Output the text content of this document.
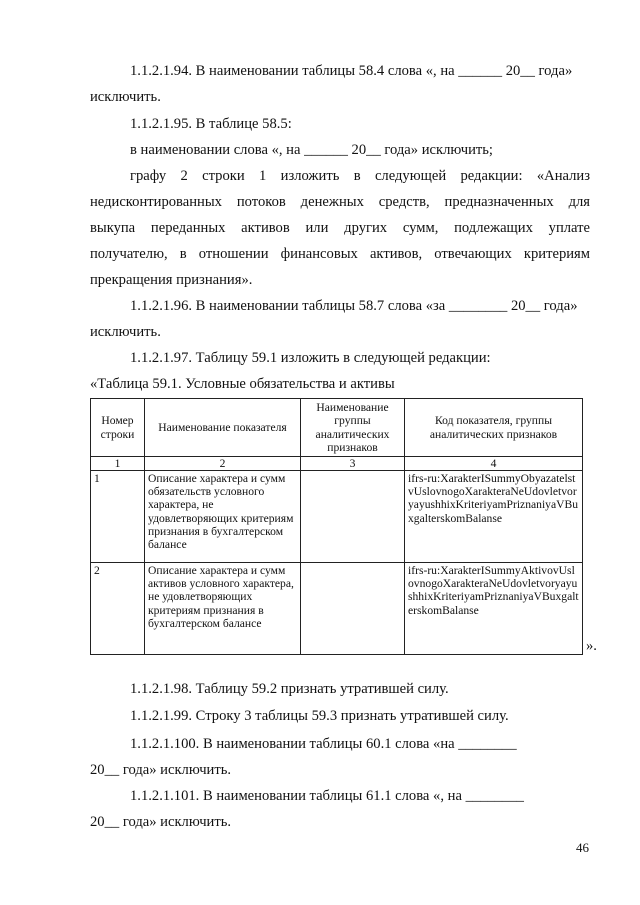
1.1.2.1.94. В наименовании таблицы 58.4 слова «, на ______ 20__ года»

исключить.

1.1.2.1.95. В таблице 58.5:

в наименовании слова «, на ______ 20__ года» исключить;

графу 2 строки 1 изложить в следующей редакции: «Анализ

недисконтированных потоков денежных средств, предназначенных для

выкупа переданных активов или других сумм, подлежащих уплате

получателю, в отношении финансовых активов, отвечающих критериям

прекращения признания».

1.1.2.1.96. В наименовании таблицы 58.7 слова «за ________ 20__ года»

исключить.

1.1.2.1.97. Таблицу 59.1 изложить в следующей редакции:

«Таблица 59.1. Условные обязательства и активы

Номер строки	Наименование показателя	Наименование группы аналитических признаков	Код показателя, группы аналитических признаков
1	2	3	4
1	Описание характера и сумм обязательств условного характера, не удовлетворяющих критериям признания в бухгалтерском балансе		ifrs-ru:XarakterISummyObyazatelstvUslovnogoXarakteraNeUdovletvoryayushhixKriteriyamPriznaniyaVBuxgalterskomBalanse
2	Описание характера и сумм активов условного характера, не удовлетворяющих критериям признания в бухгалтерском балансе		ifrs-ru:XarakterISummyAktivovUslovnogoXarakteraNeUdovletvoryayushhixKriteriyamPriznaniyaVBuxgalterskomBalanse
».

1.1.2.1.98. Таблицу 59.2 признать утратившей силу.

1.1.2.1.99. Строку 3 таблицы 59.3 признать утратившей силу.

1.1.2.1.100. В наименовании таблицы 60.1 слова «на ________

20__ года» исключить.

1.1.2.1.101. В наименовании таблицы 61.1 слова «, на ________

20__ года» исключить.

46
